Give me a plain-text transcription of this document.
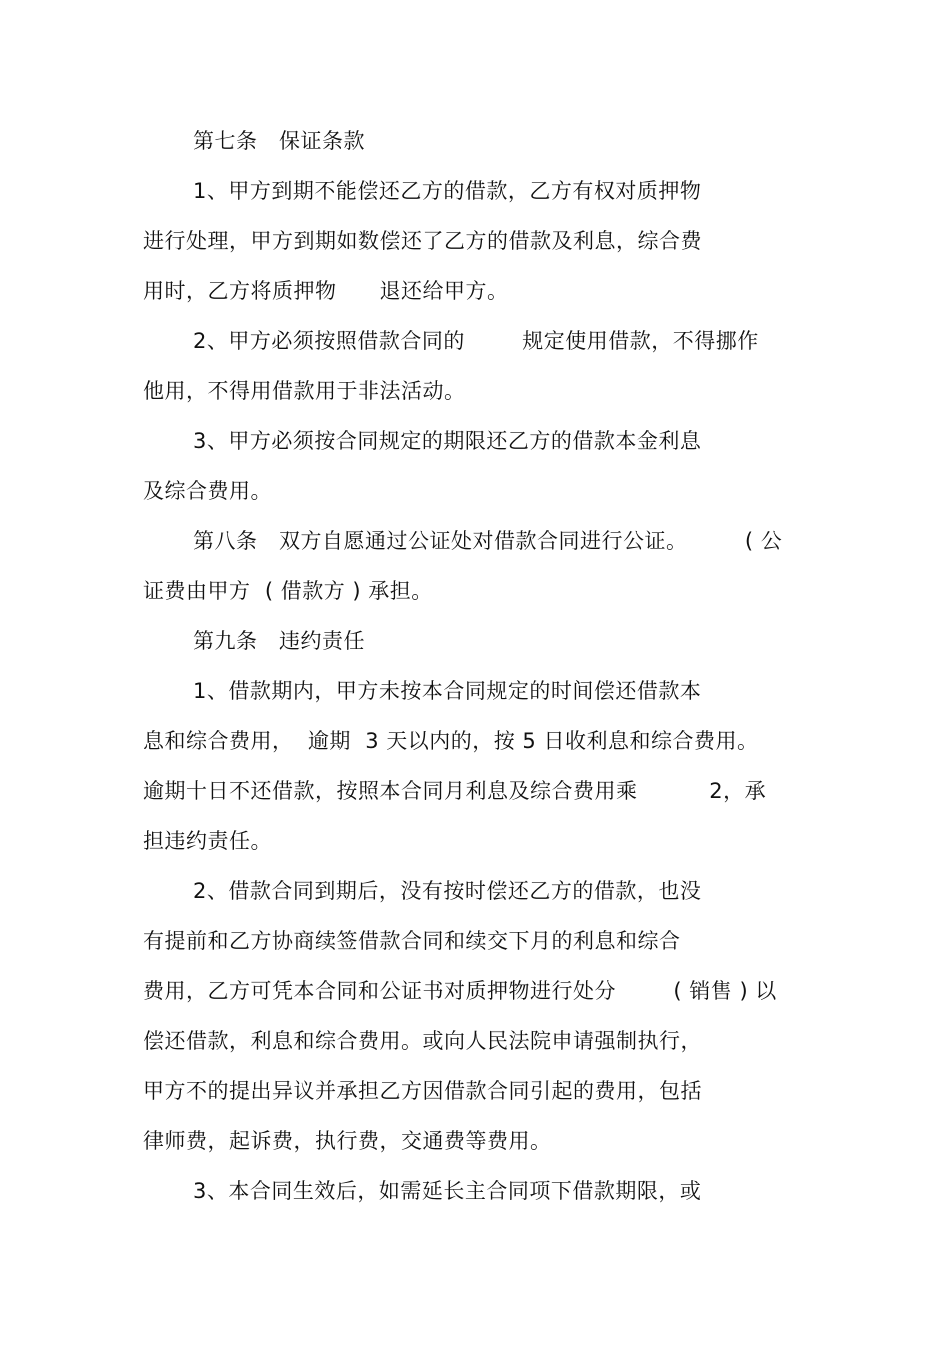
第七条   保证条款
1、甲方到期不能偿还乙方的借款，乙方有权对质押物
进行处理，甲方到期如数偿还了乙方的借款及利息，综合费
用时，乙方将质押物      退还给甲方。
2、甲方必须按照借款合同的        规定使用借款，不得挪作
他用，不得用借款用于非法活动。
3、甲方必须按合同规定的期限还乙方的借款本金利息
及综合费用。
第八条   双方自愿通过公证处对借款合同进行公证。        ( 公
证费由甲方  ( 借款方 ) 承担。
第九条   违约责任
1、借款期内，甲方未按本合同规定的时间偿还借款本
息和综合费用，  逾期  3 天以内的，按 5 日收利息和综合费用。
逾期十日不还借款，按照本合同月利息及综合费用乘          2，承
担违约责任。
2、借款合同到期后，没有按时偿还乙方的借款，也没
有提前和乙方协商续签借款合同和续交下月的利息和综合
费用，乙方可凭本合同和公证书对质押物进行处分        ( 销售 ) 以
偿还借款，利息和综合费用。或向人民法院申请强制执行，
甲方不的提出异议并承担乙方因借款合同引起的费用，包括
律师费，起诉费，执行费，交通费等费用。
3、本合同生效后，如需延长主合同项下借款期限，或
